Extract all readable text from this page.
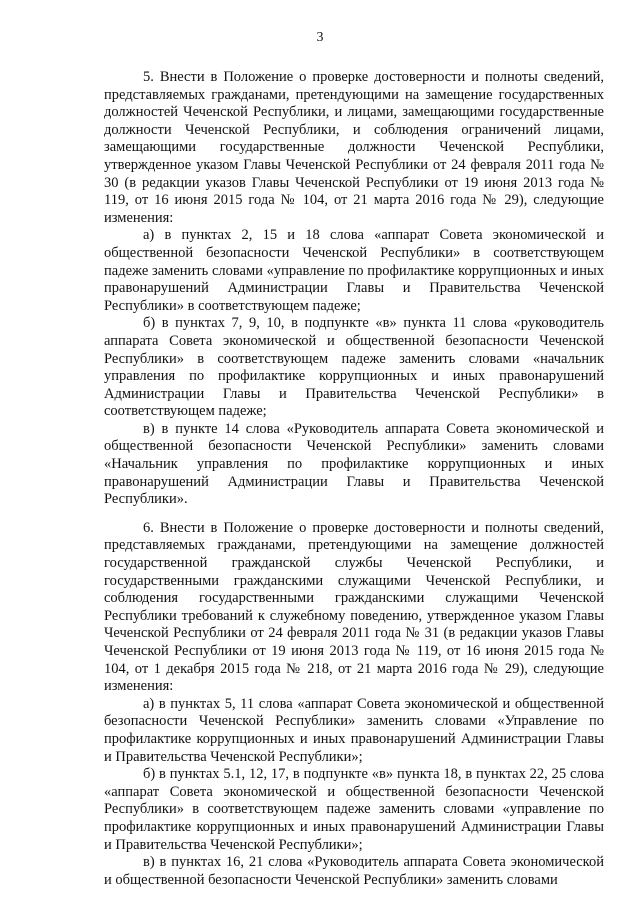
3

5. Внести в Положение о проверке достоверности и полноты сведений, представляемых гражданами, претендующими на замещение государственных должностей Чеченской Республики, и лицами, замещающими государственные должности Чеченской Республики, и соблюдения ограничений лицами, замещающими государственные должности Чеченской Республики, утвержденное указом Главы Чеченской Республики от 24 февраля 2011 года № 30 (в редакции указов Главы Чеченской Республики от 19 июня 2013 года № 119, от 16 июня 2015 года № 104, от 21 марта 2016 года № 29), следующие изменения:

а) в пунктах 2, 15 и 18 слова «аппарат Совета экономической и общественной безопасности Чеченской Республики» в соответствующем падеже заменить словами «управление по профилактике коррупционных и иных правонарушений Администрации Главы и Правительства Чеченской Республики» в соответствующем падеже;

б) в пунктах 7, 9, 10, в подпункте «в» пункта 11 слова «руководитель аппарата Совета экономической и общественной безопасности Чеченской Республики» в соответствующем падеже заменить словами «начальник управления по профилактике коррупционных и иных правонарушений Администрации Главы и Правительства Чеченской Республики» в соответствующем падеже;

в) в пункте 14 слова «Руководитель аппарата Совета экономической и общественной безопасности Чеченской Республики» заменить словами «Начальник управления по профилактике коррупционных и иных правонарушений Администрации Главы и Правительства Чеченской Республики».

6. Внести в Положение о проверке достоверности и полноты сведений, представляемых гражданами, претендующими на замещение должностей государственной гражданской службы Чеченской Республики, и государственными гражданскими служащими Чеченской Республики, и соблюдения государственными гражданскими служащими Чеченской Республики требований к служебному поведению, утвержденное указом Главы Чеченской Республики от 24 февраля 2011 года № 31 (в редакции указов Главы Чеченской Республики от 19 июня 2013 года № 119, от 16 июня 2015 года № 104, от 1 декабря 2015 года № 218, от 21 марта 2016 года № 29), следующие изменения:

а) в пунктах 5, 11 слова «аппарат Совета экономической и общественной безопасности Чеченской Республики» заменить словами «Управление по профилактике коррупционных и иных правонарушений Администрации Главы и Правительства Чеченской Республики»;

б) в пунктах 5.1, 12, 17, в подпункте «в» пункта 18, в пунктах 22, 25 слова «аппарат Совета экономической и общественной безопасности Чеченской Республики» в соответствующем падеже заменить словами «управление по профилактике коррупционных и иных правонарушений Администрации Главы и Правительства Чеченской Республики»;

в) в пунктах 16, 21 слова «Руководитель аппарата Совета экономической и общественной безопасности Чеченской Республики» заменить словами
